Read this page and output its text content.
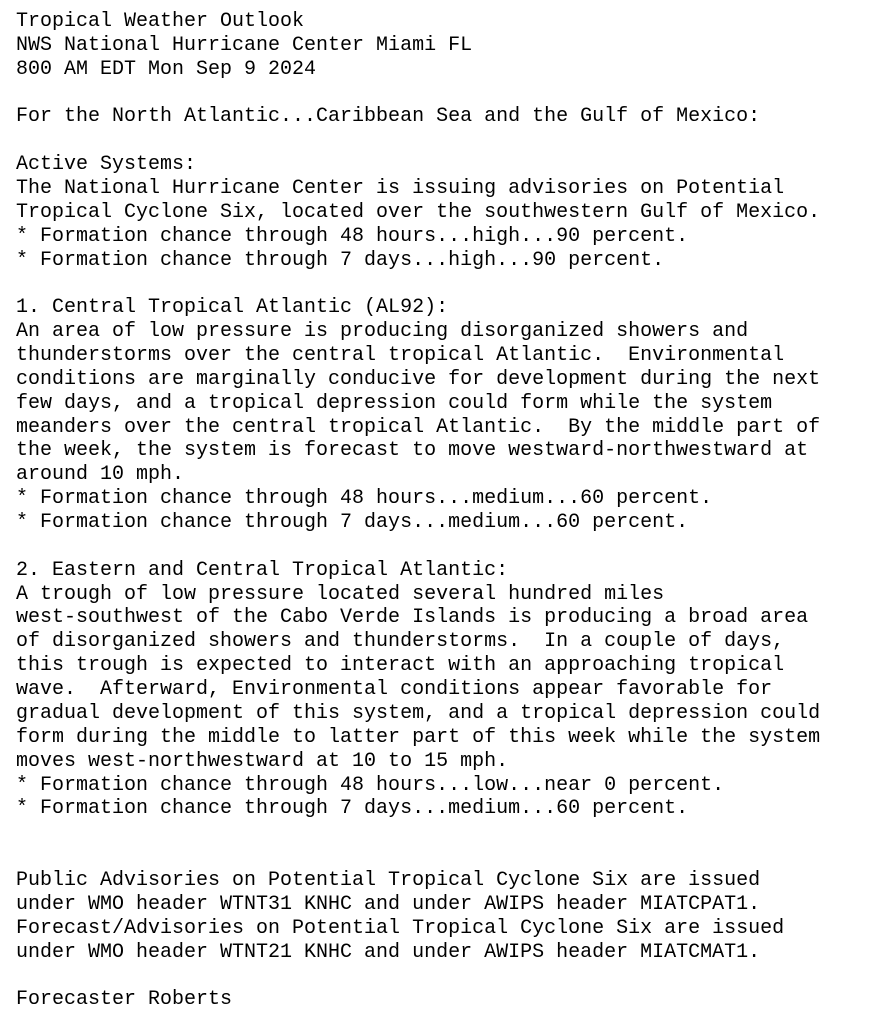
Tropical Weather Outlook
NWS National Hurricane Center Miami FL
800 AM EDT Mon Sep 9 2024
For the North Atlantic...Caribbean Sea and the Gulf of Mexico:
Active Systems:
The National Hurricane Center is issuing advisories on Potential
Tropical Cyclone Six, located over the southwestern Gulf of Mexico.
* Formation chance through 48 hours...high...90 percent.
* Formation chance through 7 days...high...90 percent.
1. Central Tropical Atlantic (AL92):
An area of low pressure is producing disorganized showers and
thunderstorms over the central tropical Atlantic.  Environmental
conditions are marginally conducive for development during the next
few days, and a tropical depression could form while the system
meanders over the central tropical Atlantic.  By the middle part of
the week, the system is forecast to move westward-northwestward at
around 10 mph.
* Formation chance through 48 hours...medium...60 percent.
* Formation chance through 7 days...medium...60 percent.
2. Eastern and Central Tropical Atlantic:
A trough of low pressure located several hundred miles
west-southwest of the Cabo Verde Islands is producing a broad area
of disorganized showers and thunderstorms.  In a couple of days,
this trough is expected to interact with an approaching tropical
wave.  Afterward, Environmental conditions appear favorable for
gradual development of this system, and a tropical depression could
form during the middle to latter part of this week while the system
moves west-northwestward at 10 to 15 mph.
* Formation chance through 48 hours...low...near 0 percent.
* Formation chance through 7 days...medium...60 percent.
Public Advisories on Potential Tropical Cyclone Six are issued
under WMO header WTNT31 KNHC and under AWIPS header MIATCPAT1.
Forecast/Advisories on Potential Tropical Cyclone Six are issued
under WMO header WTNT21 KNHC and under AWIPS header MIATCMAT1.
Forecaster Roberts
